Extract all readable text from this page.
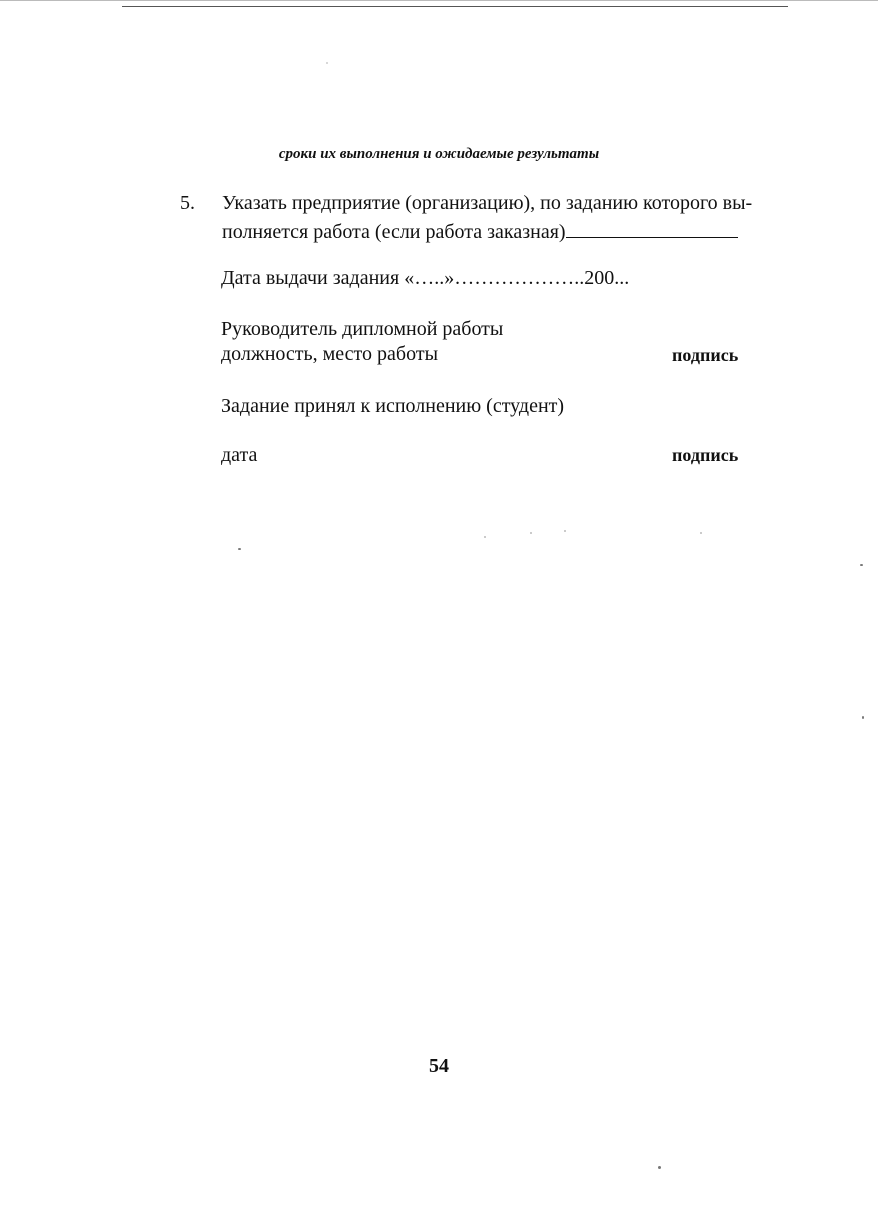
сроки их выполнения и ожидаемые результаты
5. Указать предприятие (организацию), по заданию которого вы-
полняется работа (если работа заказная)
Дата выдачи задания «…..»………………..200...
Руководитель дипломной работы
должность, место работы	подпись
Задание принял к исполнению (студент)
дата	подпись
54
